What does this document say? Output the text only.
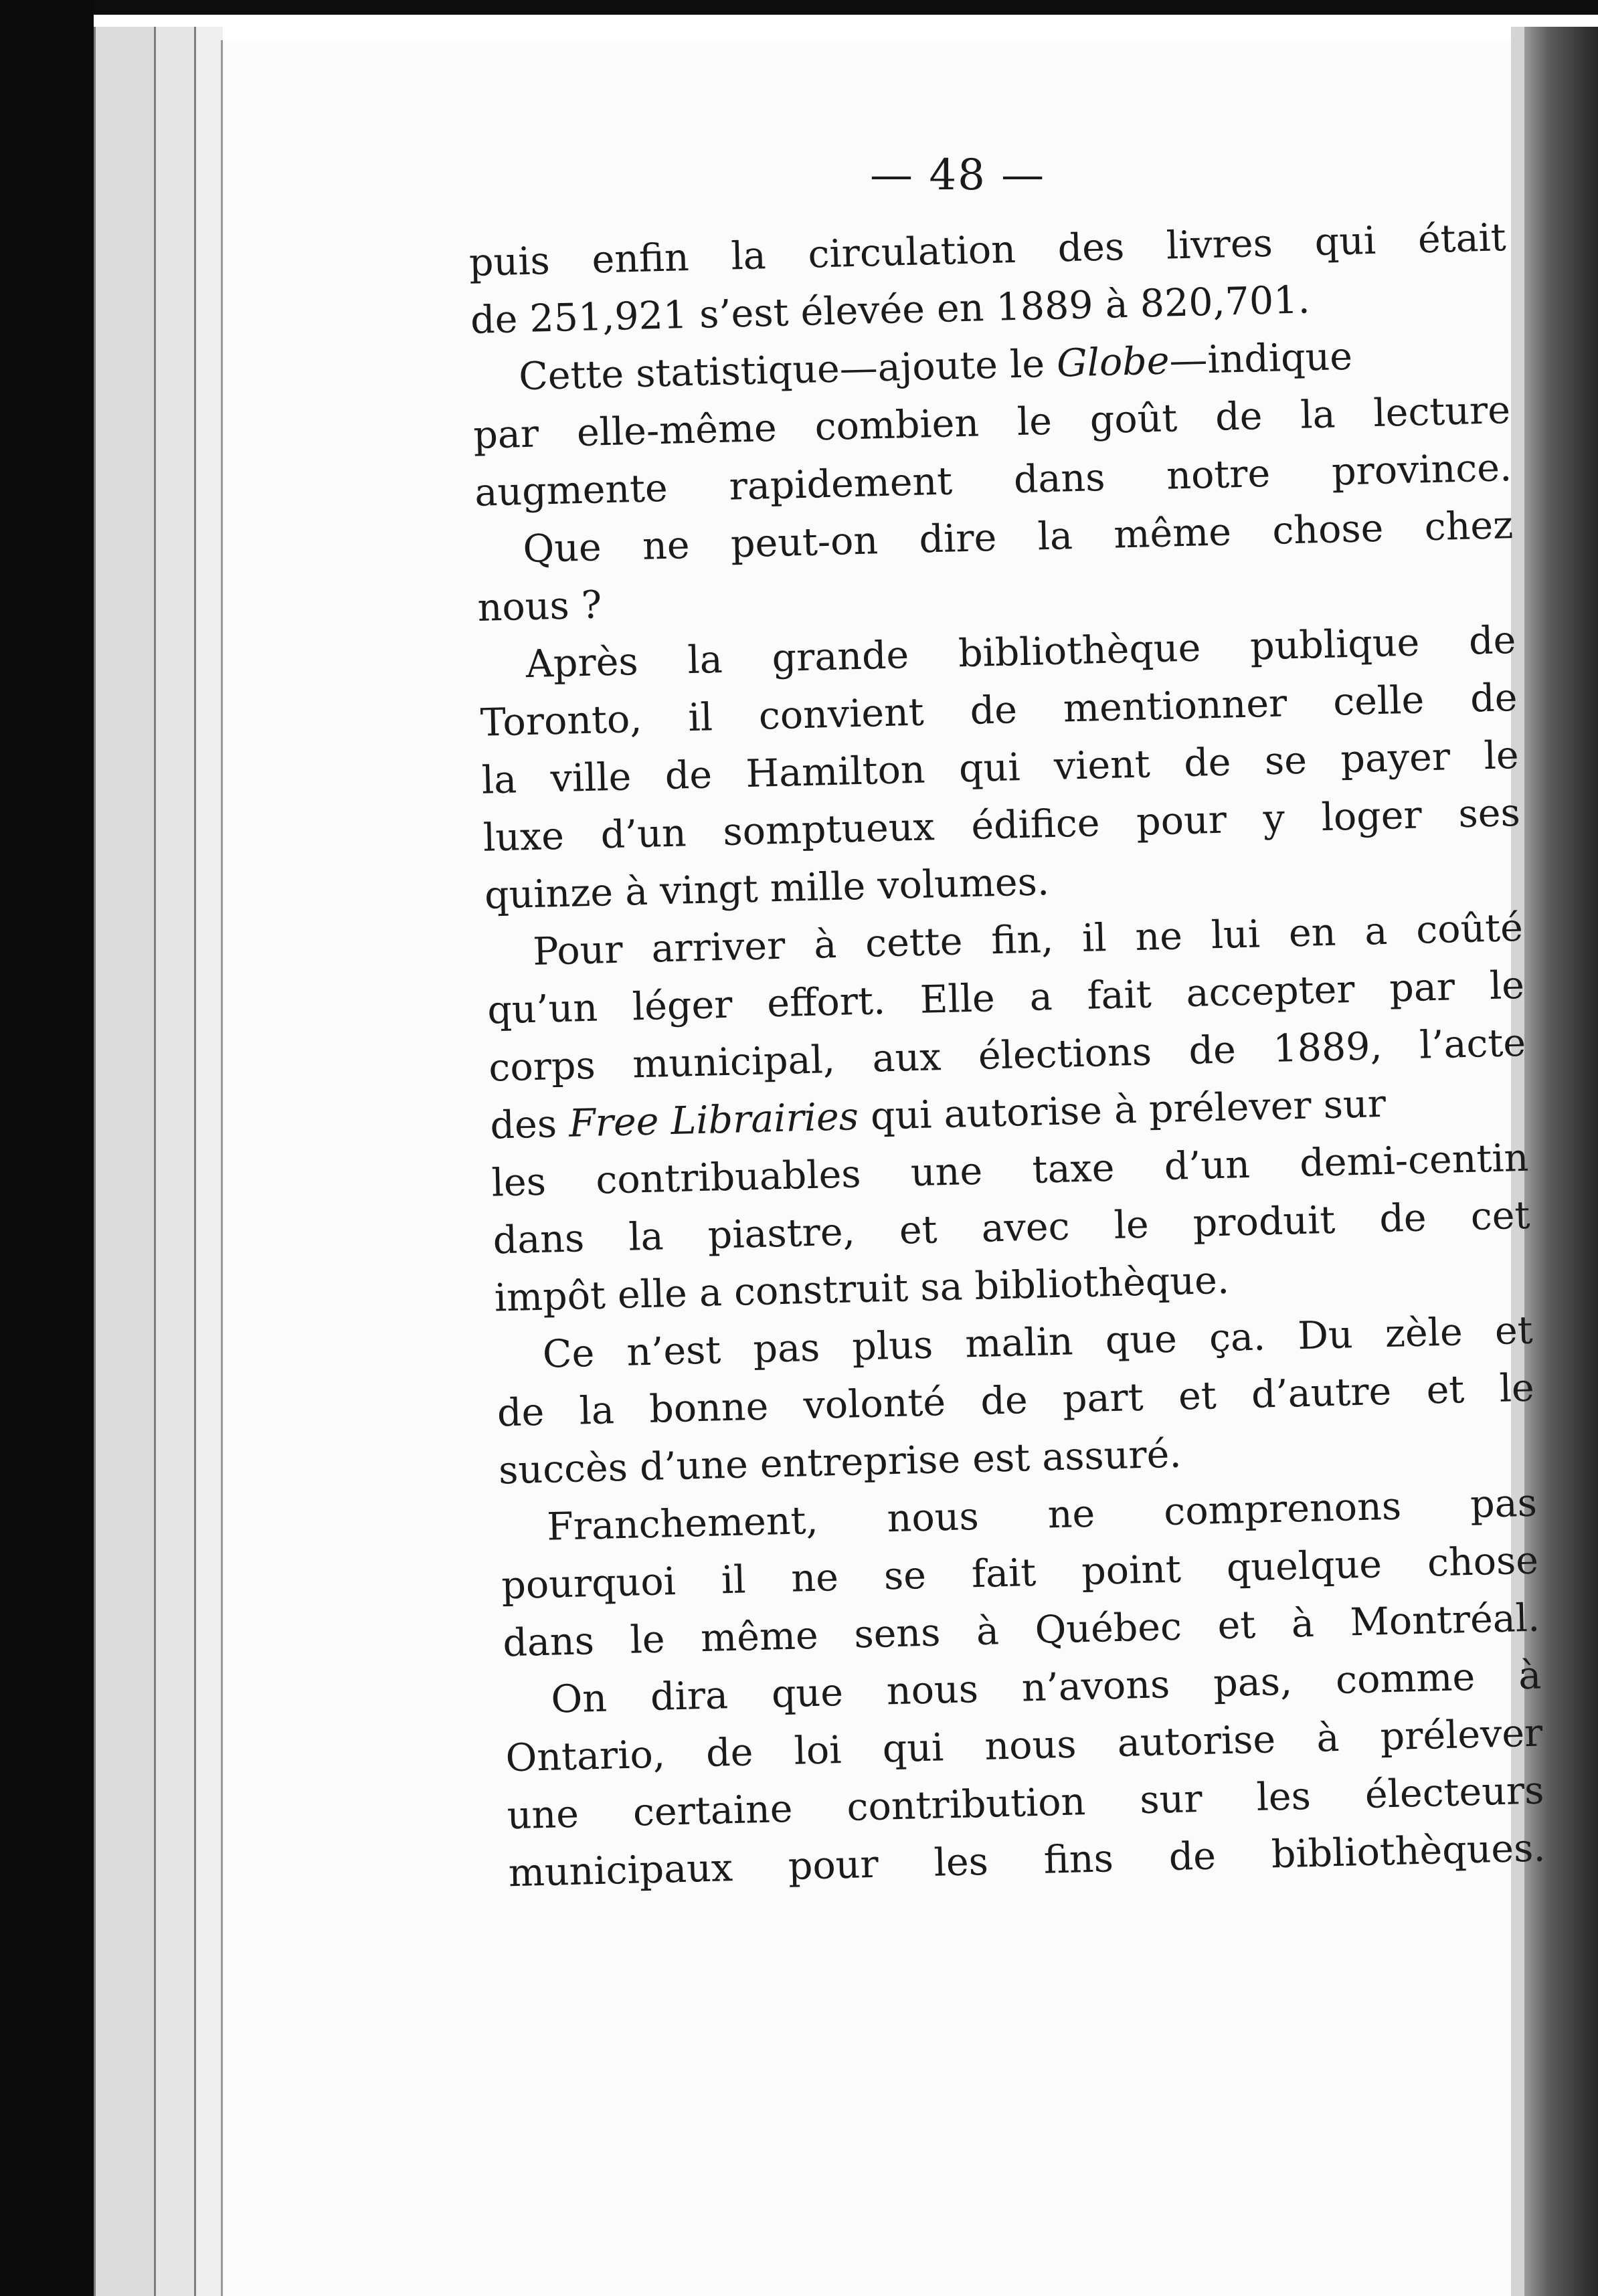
— 48 —
puis enfin la circulation des livres qui était
de 251,921 s’est élevée en 1889 à 820,701.
Cette statistique—ajoute le Globe—indique
par elle-même combien le goût de la lecture
augmente rapidement dans notre province.
Que ne peut-on dire la même chose chez
nous ?
Après la grande bibliothèque publique de
Toronto, il convient de mentionner celle de
la ville de Hamilton qui vient de se payer le
luxe d’un somptueux édifice pour y loger ses
quinze à vingt mille volumes.
Pour arriver à cette fin, il ne lui en a coûté
qu’un léger effort. Elle a fait accepter par le
corps municipal, aux élections de 1889, l’acte
des Free Librairies qui autorise à prélever sur
les contribuables une taxe d’un demi-centin
dans la piastre, et avec le produit de cet
impôt elle a construit sa bibliothèque.
Ce n’est pas plus malin que ça. Du zèle et
de la bonne volonté de part et d’autre et le
succès d’une entreprise est assuré.
Franchement, nous ne comprenons pas
pourquoi il ne se fait point quelque chose
dans le même sens à Québec et à Montréal.
On dira que nous n’avons pas, comme à
Ontario, de loi qui nous autorise à prélever
une certaine contribution sur les électeurs
municipaux pour les fins de bibliothèques.
